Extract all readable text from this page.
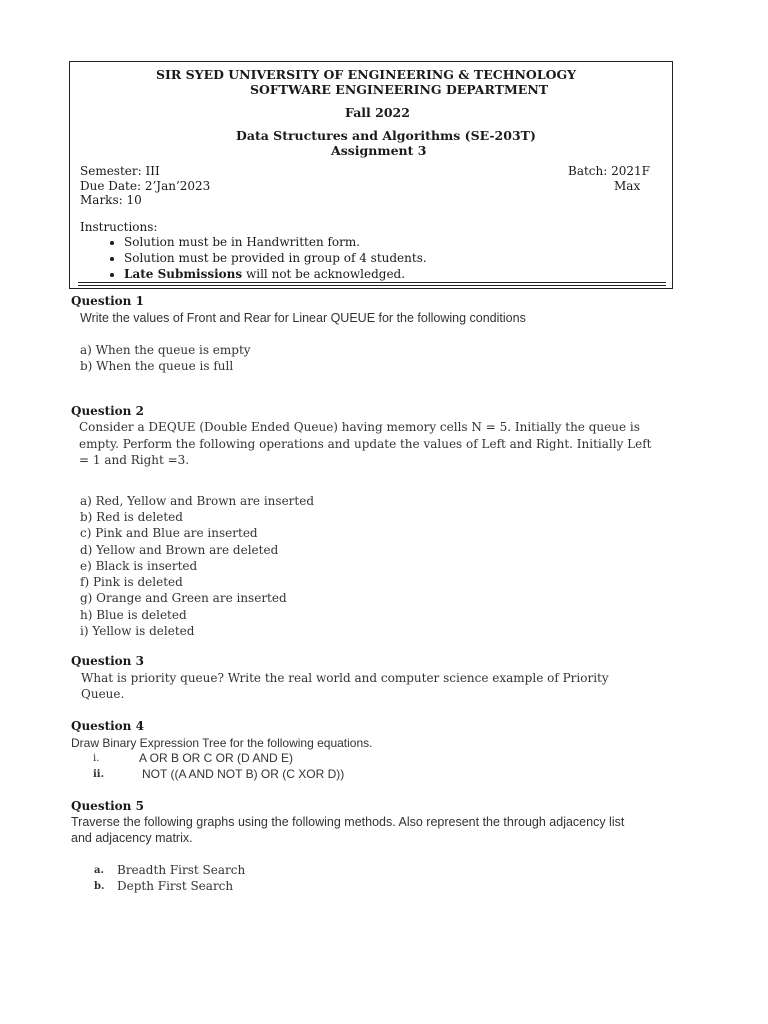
SIR SYED UNIVERSITY OF ENGINEERING & TECHNOLOGY
SOFTWARE ENGINEERING DEPARTMENT
Fall 2022
Data Structures and Algorithms (SE-203T)
Assignment 3
Semester: III	Batch: 2021F
Due Date: 2’Jan’2023	Max
Marks: 10
Instructions:
• Solution must be in Handwritten form.
• Solution must be provided in group of 4 students.
• Late Submissions will not be acknowledged.
Question 1
Write the values of Front and Rear for Linear QUEUE for the following conditions
a) When the queue is empty
b) When the queue is full
Question 2
Consider a DEQUE (Double Ended Queue) having memory cells N = 5. Initially the queue is
empty. Perform the following operations and update the values of Left and Right. Initially Left
= 1 and Right =3.
a) Red, Yellow and Brown are inserted
b) Red is deleted
c) Pink and Blue are inserted
d) Yellow and Brown are deleted
e) Black is inserted
f) Pink is deleted
g) Orange and Green are inserted
h) Blue is deleted
i) Yellow is deleted
Question 3
What is priority queue? Write the real world and computer science example of Priority
Queue.
Question 4
Draw Binary Expression Tree for the following equations.
i.	A OR B OR C OR (D AND E)
ii.	NOT ((A AND NOT B) OR (C XOR D))
Question 5
Traverse the following graphs using the following methods. Also represent the through adjacency list
and adjacency matrix.
a. Breadth First Search
b. Depth First Search
